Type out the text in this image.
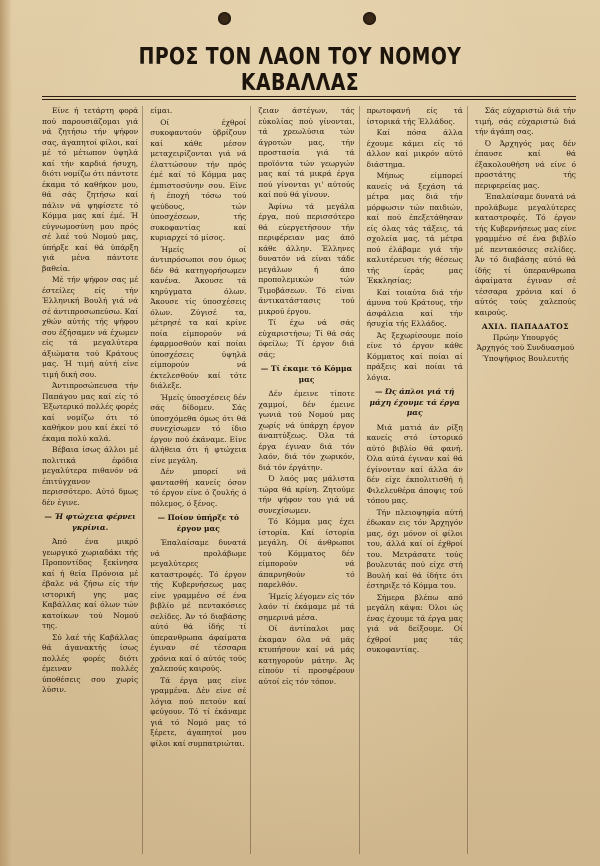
ΠΡΟΣ ΤΟΝ ΛΑΟΝ ΤΟΥ ΝΟΜΟΥ ΚΑΒΑΛΛΑΣ

Είνε ή τετάρτη φορά πού παρουσιάζομαι γιά νά ζητήσω τήν ψήφον σας, άγαπητοί φίλοι, καί μέ τό μέτωπον ύψηλά καί τήν καρδιά ήσυχη, διότι νομίζω ότι πάντοτε έκαμα τό καθήκον μου, θά σάς ζητήσω καί πάλιν νά ψηφίσετε τό Κόμμα μας καί έμέ. Ή εύγνωμοσύνη μου πρός σέ λαέ τού Νομού μας, ύπήρξε καί θά ύπάρξη γιά μένα πάντοτε βαθεία.

Μέ τήν ψήφον σας μέ έστείλες είς τήν Έλληνική Βουλή γιά νά σέ άντιπροσωπεύσω. Καί χθών αύτής τής ψήφου σου έζήσαμεν νά έχωμεν είς τά μεγαλύτερα άξιώματα τού Κράτους μας. Ή τιμή αύτή είνε τιμή δική σου.

Άντιπροσώπευσα τήν Παπάγου μας καί είς τό Έξωτερικό πολλές φορές καί νομίζω ότι τό καθήκον μου καί έκεί τό έκαμα πολύ καλά.

Βέβαια ίσως άλλοι μέ πολιτικά έφόδια μεγαλύτερα πιθανόν νά έπιτύγχανον περισσότερο. Αύτό δμως δέν έγινε.

— Ή φτώχεια φέρνει γκρίνια.

Άπό ένα μικρό γεωργικό χωριαδάκι τής Προποντίδος ξεκίνησα καί ή θεία Πρόνοια μέ έβαλε νά ζήσω είς τήν ιστορική γης μας Καβάλλας καί όλων τών κατοίκων τού Νομού της.

Σύ λαέ τής Καβάλλας θά άγανακτής ίσως πολλές φορές διότι έμειναν πολλές ύποθέσεις σου χωρίς λύσιν.

είμαι.

Οί έχθροί συκοφαντούν ύβρίζουν καί κάθε μέσον μεταχειρίζονται γιά νά έλαττώσουν τήν πρός έμέ καί τό Κόμμα μας έμπιστοσύνην σου. Είνε ή έποχή τόσω τού ψεύδους, τών ύποσχέσεων, τής συκοφαντίας καί κυριαρχεί τό μίσος.

Ήμείς οί άντιπρόσωποι σου όμως δέν θά κατηγορήσωμεν κανένα. Άκουσε τά κηρύγματα όλων. Άκουσε τίς ύποσχέσεις όλων. Ζύγισέ τα, μέτρησέ τα καί κρίνε ποία είμπορούν νά έφαρμοσθούν καί ποίαι ύποσχέσεις ύψηλά είμπορούν νά έκτελεσθούν καί τότε διάλεξε.

Ήμείς ύποσχέσεις δέν σάς δίδομεν. Σάς ύποσχόμεθα όμως ότι θά συνεχίσωμεν τό ίδιο έργον πού έκάναμε. Είνε άλήθεια ότι ή φτώχεια είνε μεγάλη.

Δέν μπορεί νά φαντασθή κανείς όσον τό έργον είνε ό ζουλής ό πόλεμος, ό ξένος.

— Ποίον ύπήρξε τό έργον μας

Έπαλαίσαμε δυνατά νά προλάβωμε μεγαλύτερες καταστροφές. Τό έργον τής Κυβερνήσεως μας είνε γραμμένο σέ ένα βιβλίο μέ πεντακόσιες σελίδες. Άν τό διαβάσης αύτό θά ίδής τί ύπερανθρωπα άφαίματα έγιναν σέ τέσσαρα χρόνια καί ό αύτός τούς χαλεπούς καιρούς.

Τά έργα μας είνε γραμμένα. Δέν είνε σέ λόγια πού πετούν καί φεύγουν. Τό τί έκάναμε γιά τό Νομό μας τό ξέρετε, άγαπητοί μου φίλοι καί συμπατριώται.

ζειαν άστέγων, τάς εύκολίας πού γίνονται, τά χρεωλύσια τών άγροτών μας, τήν προστασία γιά τά προϊόντα τών γεωργών μας καί τά μικρά έργα πού γίνονται γι' αύτούς καί πού θά γίνουν.

Άφίνω τά μεγάλα έργα, πού περισσότερο θά εύεργετήσουν τήν περιφέρειαν μας άπό κάθε άλλην. Έλληνες δυνατόν νά είναι τάδε μεγάλων ή άπο προπολεμικών τών Τιμοβάσεων. Τό είναι άντικατάστασις τού μικρού έργου.

Τί έχω νά σάς εύχαριστήσω; Τί θά σάς όφείλω; Τί έργον διά σάς;

— Τί έκαμε τό Κόμμα μας

Δέν έμεινε τίποτε χαμμοί, δέν έμεινε γωνιά τού Νομού μας χωρίς νά ύπάρχη έργον άναπτύξεως. Όλα τά έργα έγιναν διά τόν λαόν, διά τόν χωρικόν, διά τόν έργάτην.

Ό λαός μας μάλιστα τώρα θά κρίνη. Ζητούμε τήν ψήφον του γιά νά συνεχίσωμεν.

Τό Κόμμα μας έχει ίστορία. Καί ίστορία μεγάλη. Οί άνθρωποι τού Κόμματος δέν είμπορούν νά άπαρνηθούν τό παρελθόν.

Ήμείς λέγομεν είς τόν λαόν τί έκάμαμε μέ τά σημερινά μέσα.

Οί άντίπαλοι μας έκαμαν όλα νά μάς κτυπήσουν καί νά μάς κατηγορούν μάτην. Άς είπούν τί προσφέρουν αύτοί είς τόν τόπον.

πρωτοφανή είς τά ίστορικά τής Έλλάδος.

Καί πόσα άλλα έχουμε κάμει είς τό άλλον καί μικρόν αύτό διάστημα.

Μήπως είμπορεί κανείς νά ξεχάση τά μέτρα μας διά τήν μόρφωσιν τών παιδιών, καί πού έπεξετάθησαν είς όλας τάς τάξεις, τά σχολεία μας, τά μέτρα πού έλάβαμε γιά τήν καλυτέρευσι τής θέσεως τής ίεράς μας Έκκλησίας;

Καί τοιαύτα διά τήν άμυνα τού Κράτους, τήν άσφάλεια καί τήν ήσυχία τής Ελλάδος.

Άς ξεχωρίσουμε ποίο είνε τό έργον κάθε Κόμματος καί ποίαι αί πράξεις καί ποίαι τά λόγια.

— Ώς άπλοι γιά τή μάχη έχουμε τά έργα μας

Μιά ματιά άν ρίξη κανείς στό ίστορικό αύτό βιβλίο θά φανή. Όλα αύτά έγιναν καί θά έγίνονταν καί άλλα άν δέν είχε έκπολιτισθή ή Φιλελευθέρα άποψις τού τόπου μας.

Τήν πλειοψηφία αύτή έδωκαν εις τόν Άρχηγόν μας, όχι μόνον οί φίλοι του, άλλά καί οί έχθροί του. Μετράσατε τούς βουλευτάς πού είχε στή Βουλή καί θά ίδήτε ότι έστηριξε τό Κόμμα του.

Σήμερα βλέπω από μεγάλη κάψα: Όλοι ώς ένας έχουμε τά έργα μας γιά νά δείξουμε. Οί έχθροί μας τάς συκοφαντίας.

Σάς εύχαριστώ διά τήν τιμή, σάς εύχαριστώ διά τήν άγάπη σας.

Ό Άρχηγός μας δέν έπαυσε καί θά έξακολουθήση νά είνε ό προστάτης τής περιφερείας μας.

Έπαλαίσαμε δυνατά νά προλάβωμε μεγαλύτερες καταστροφές. Τό έργον τής Κυβερνήσεως μας είνε γραμμένο σέ ένα βιβλίο μέ πεντακόσιες σελίδες. Άν τό διαβάσης αύτό θά ίδής τί ύπερανθρωπα άφαίματα έγιναν σέ τέσσαρα χρόνια καί ό αύτός τούς χαλεπούς καιρούς.

ΑΧΙΛ. ΠΑΠΑΔΑΤΟΣ
Πρώην Υπουργός
Άρχηγός τού Συνδυασμού
Ύποψήφιος Βουλευτής
